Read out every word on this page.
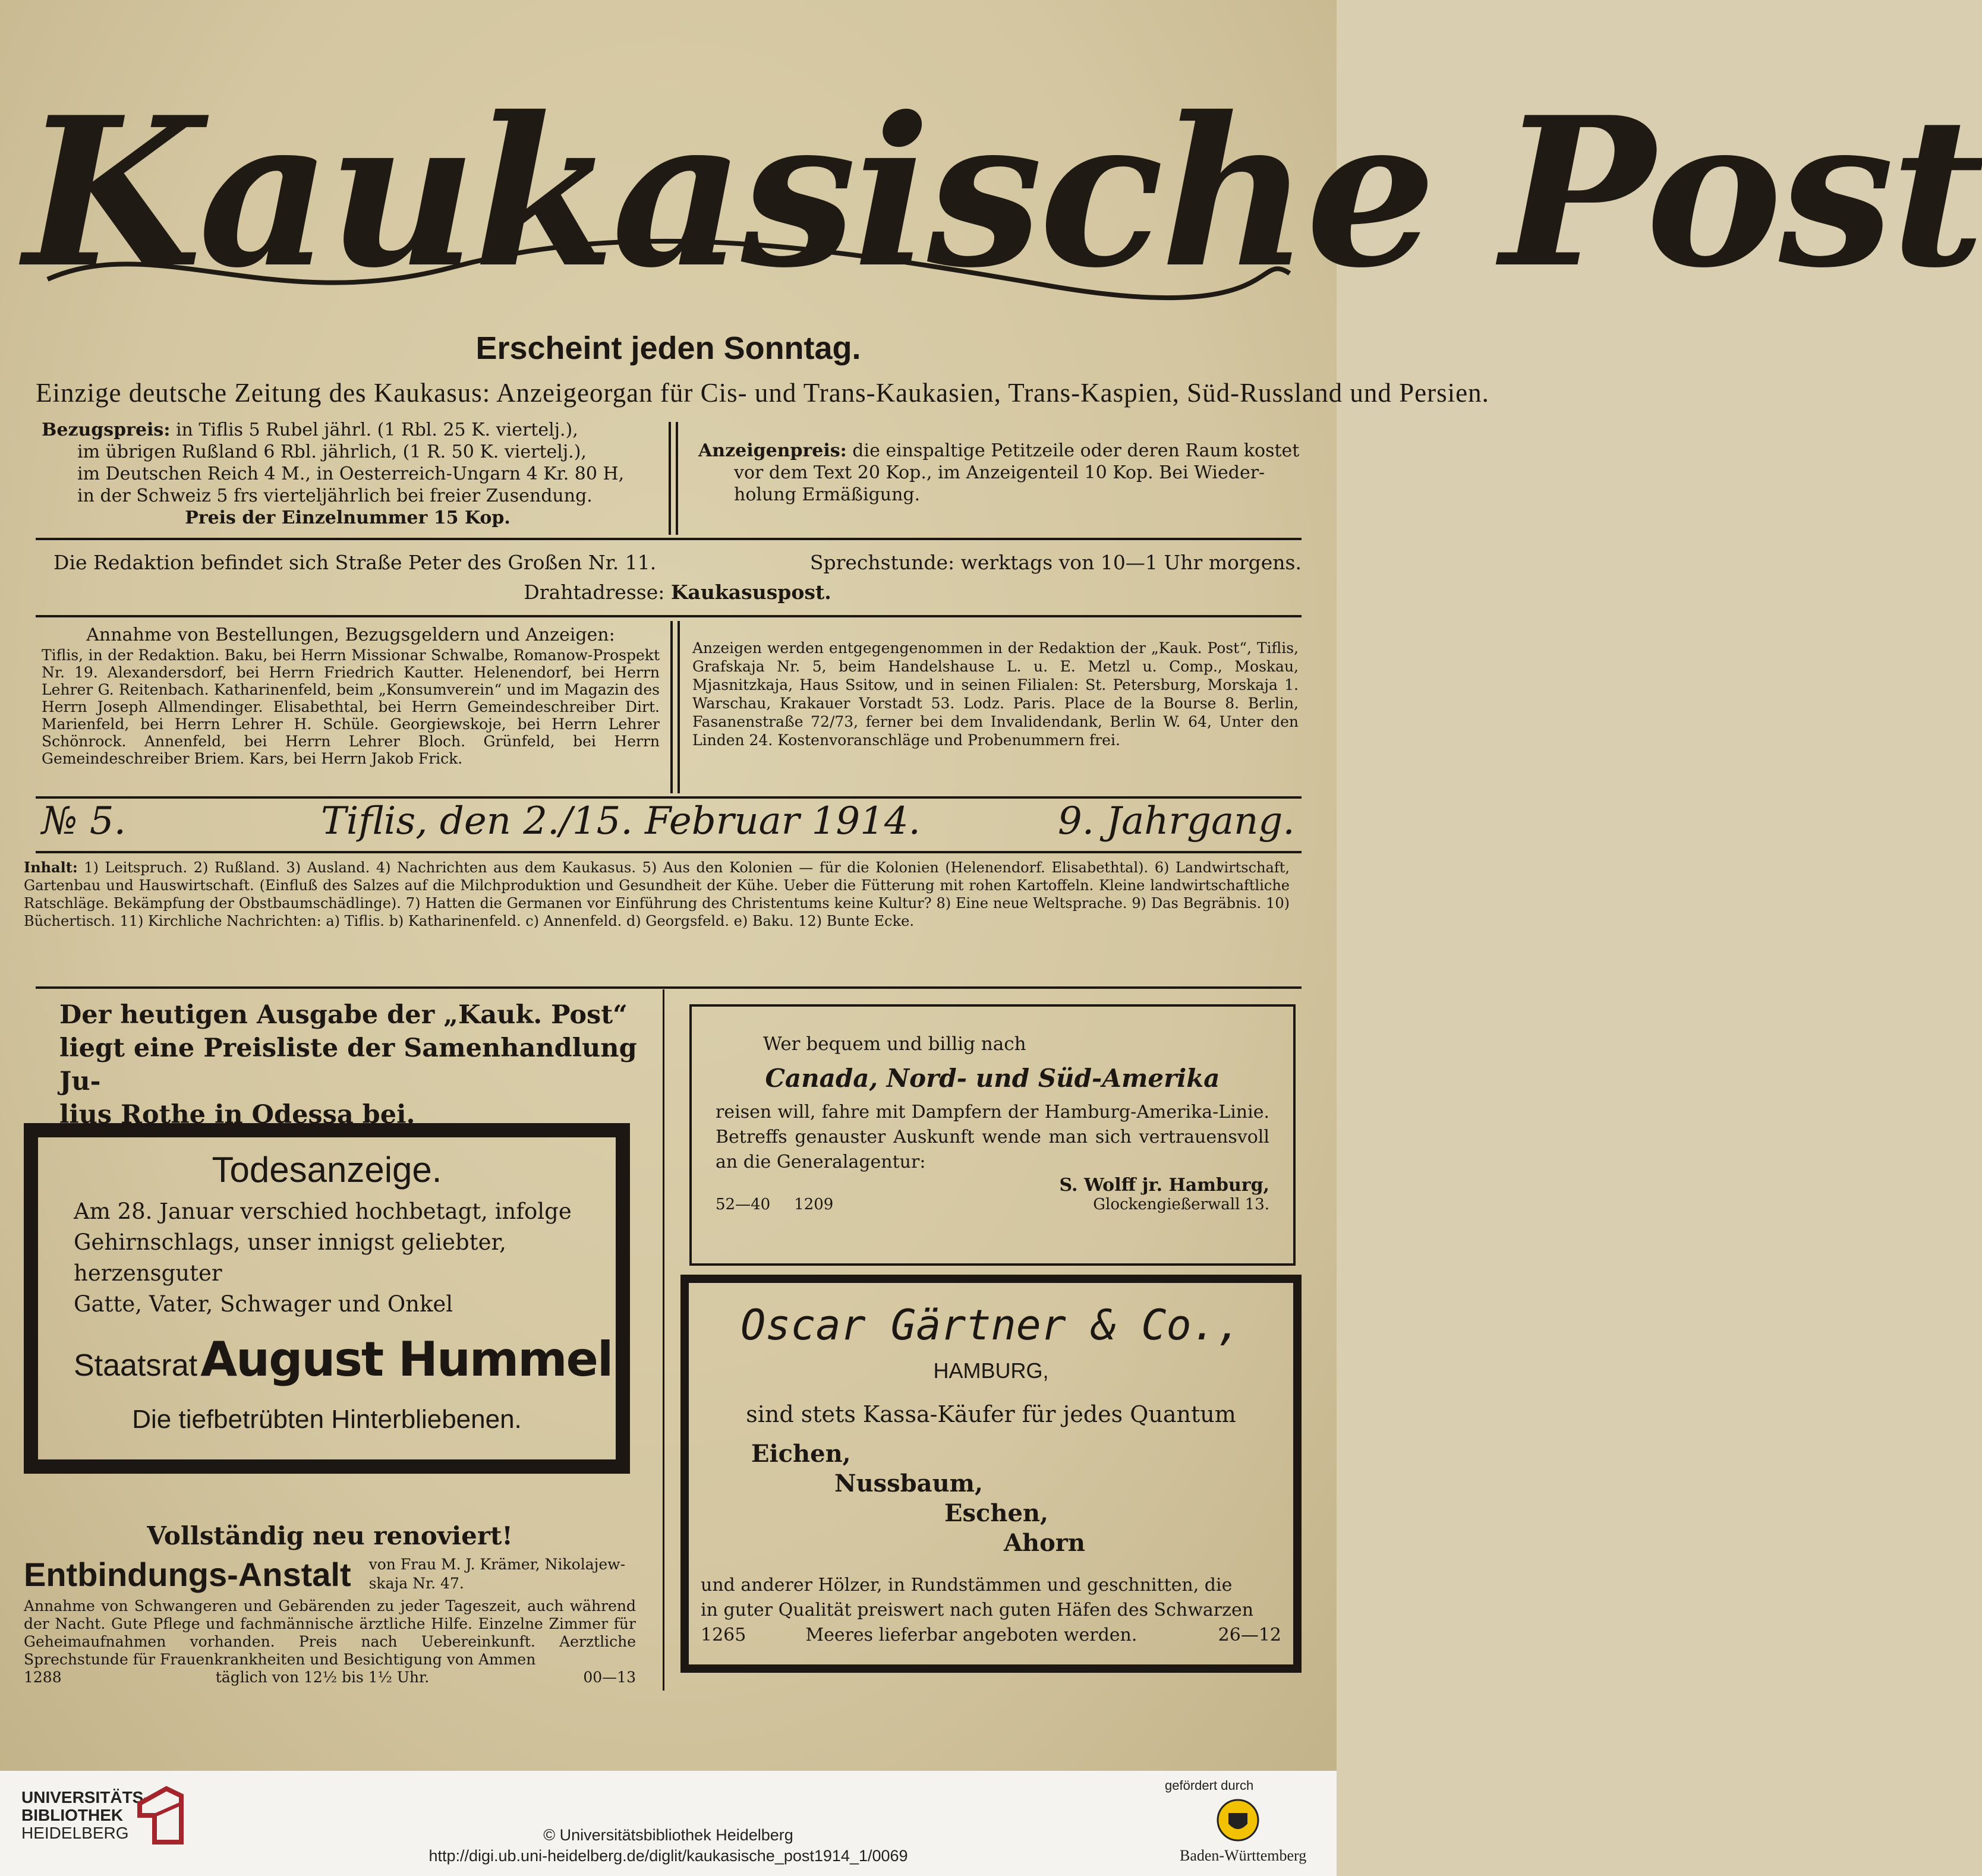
Kaukasische Post
Erscheint jeden Sonntag.
Einzige deutsche Zeitung des Kaukasus: Anzeigeorgan für Cis- und Trans-Kaukasien, Trans-Kaspien, Süd-Russland und Persien.
Bezugspreis: in Tiflis 5 Rubel jährl. (1 Rbl. 25 K. viertelj.),
im übrigen Rußland 6 Rbl. jährlich, (1 R. 50 K. viertelj.),
im Deutschen Reich 4 M., in Oesterreich-Ungarn 4 Kr. 80 H,
in der Schweiz 5 frs vierteljährlich bei freier Zusendung.
Preis der Einzelnummer 15 Kop.
Anzeigenpreis: die einspaltige Petitzeile oder deren Raum kostet
vor dem Text 20 Kop., im Anzeigenteil 10 Kop. Bei Wieder-
holung Ermäßigung.
Die Redaktion befindet sich Straße Peter des Großen Nr. 11.	Sprechstunde: werktags von 10—1 Uhr morgens.
Drahtadresse: Kaukasuspost.
Annahme von Bestellungen, Bezugsgeldern und Anzeigen:
Tiflis, in der Redaktion. Baku, bei Herrn Missionar Schwalbe, Romanow-Prospekt Nr. 19. Alexandersdorf, bei Herrn Friedrich Kautter. Helenendorf, bei Herrn Lehrer G. Reitenbach. Katharinenfeld, beim „Konsumverein“ und im Magazin des Herrn Joseph Allmendinger. Elisabethtal, bei Herrn Gemeindeschreiber Dirt. Marienfeld, bei Herrn Lehrer H. Schüle. Georgiewskoje, bei Herrn Lehrer Schönrock. Annenfeld, bei Herrn Lehrer Bloch. Grünfeld, bei Herrn Gemeindeschreiber Briem. Kars, bei Herrn Jakob Frick.
Anzeigen werden entgegengenommen in der Redaktion der „Kauk. Post“, Tiflis, Grafskaja Nr. 5, beim Handelshause L. u. E. Metzl u. Comp., Moskau, Mjasnitzkaja, Haus Ssitow, und in seinen Filialen: St. Petersburg, Morskaja 1. Warschau, Krakauer Vorstadt 53. Lodz. Paris. Place de la Bourse 8. Berlin, Fasanenstraße 72/73, ferner bei dem Invalidendank, Berlin W. 64, Unter den Linden 24. Kostenvoranschläge und Probenummern frei.
№ 5.	Tiflis, den 2./15. Februar 1914.	9. Jahrgang.
Inhalt: 1) Leitspruch. 2) Rußland. 3) Ausland. 4) Nachrichten aus dem Kaukasus. 5) Aus den Kolonien — für die Kolonien (Helenendorf. Elisabethtal). 6) Landwirtschaft, Gartenbau und Hauswirtschaft. (Einfluß des Salzes auf die Milchproduktion und Gesundheit der Kühe. Ueber die Fütterung mit rohen Kartoffeln. Kleine landwirtschaftliche Ratschläge. Bekämpfung der Obstbaumschädlinge). 7) Hatten die Germanen vor Einführung des Christentums keine Kultur? 8) Eine neue Weltsprache. 9) Das Begräbnis. 10) Büchertisch. 11) Kirchliche Nachrichten: a) Tiflis. b) Katharinenfeld. c) Annenfeld. d) Georgsfeld. e) Baku. 12) Bunte Ecke.
Der heutigen Ausgabe der „Kauk. Post“
liegt eine Preisliste der Samenhandlung Ju-
lius Rothe in Odessa bei.
Todesanzeige.
Am 28. Januar verschied hochbetagt, infolge
Gehirnschlags, unser innigst geliebter, herzensguter
Gatte, Vater, Schwager und Onkel
Staatsrat August Hummel.
Die tiefbetrübten Hinterbliebenen.
Vollständig neu renoviert!
Entbindungs-Anstalt von Frau M. J. Krämer, Nikolajew-
skaja Nr. 47.
Annahme von Schwangeren und Gebärenden zu jeder Tageszeit, auch während der Nacht. Gute Pflege und fachmännische ärztliche Hilfe. Einzelne Zimmer für Geheimaufnahmen vorhanden. Preis nach Uebereinkunft. Aerztliche Sprechstunde für Frauenkrankheiten und Besichtigung von Ammen
1288	täglich von 12½ bis 1½ Uhr.	00—13
Wer bequem und billig nach
Canada, Nord- und Süd-Amerika
reisen will, fahre mit Dampfern der Hamburg-Amerika-Linie. Betreffs genauster Auskunft wende man sich vertrauensvoll an die Generalagentur:
S. Wolff jr. Hamburg,
52—40 1209	Glockengießerwall 13.
Oscar Gärtner & Co.,
HAMBURG,
sind stets Kassa-Käufer für jedes Quantum
Eichen,
Nussbaum,
Eschen,
Ahorn
und anderer Hölzer, in Rundstämmen und geschnitten, die
in guter Qualität preiswert nach guten Häfen des Schwarzen
1265	Meeres lieferbar angeboten werden.	26—12
UNIVERSITÄTS-
BIBLIOTHEK
HEIDELBERG	© Universitätsbibliothek Heidelberg
http://digi.ub.uni-heidelberg.de/diglit/kaukasische_post1914_1/0069
gefördert durch
Baden-Württemberg
